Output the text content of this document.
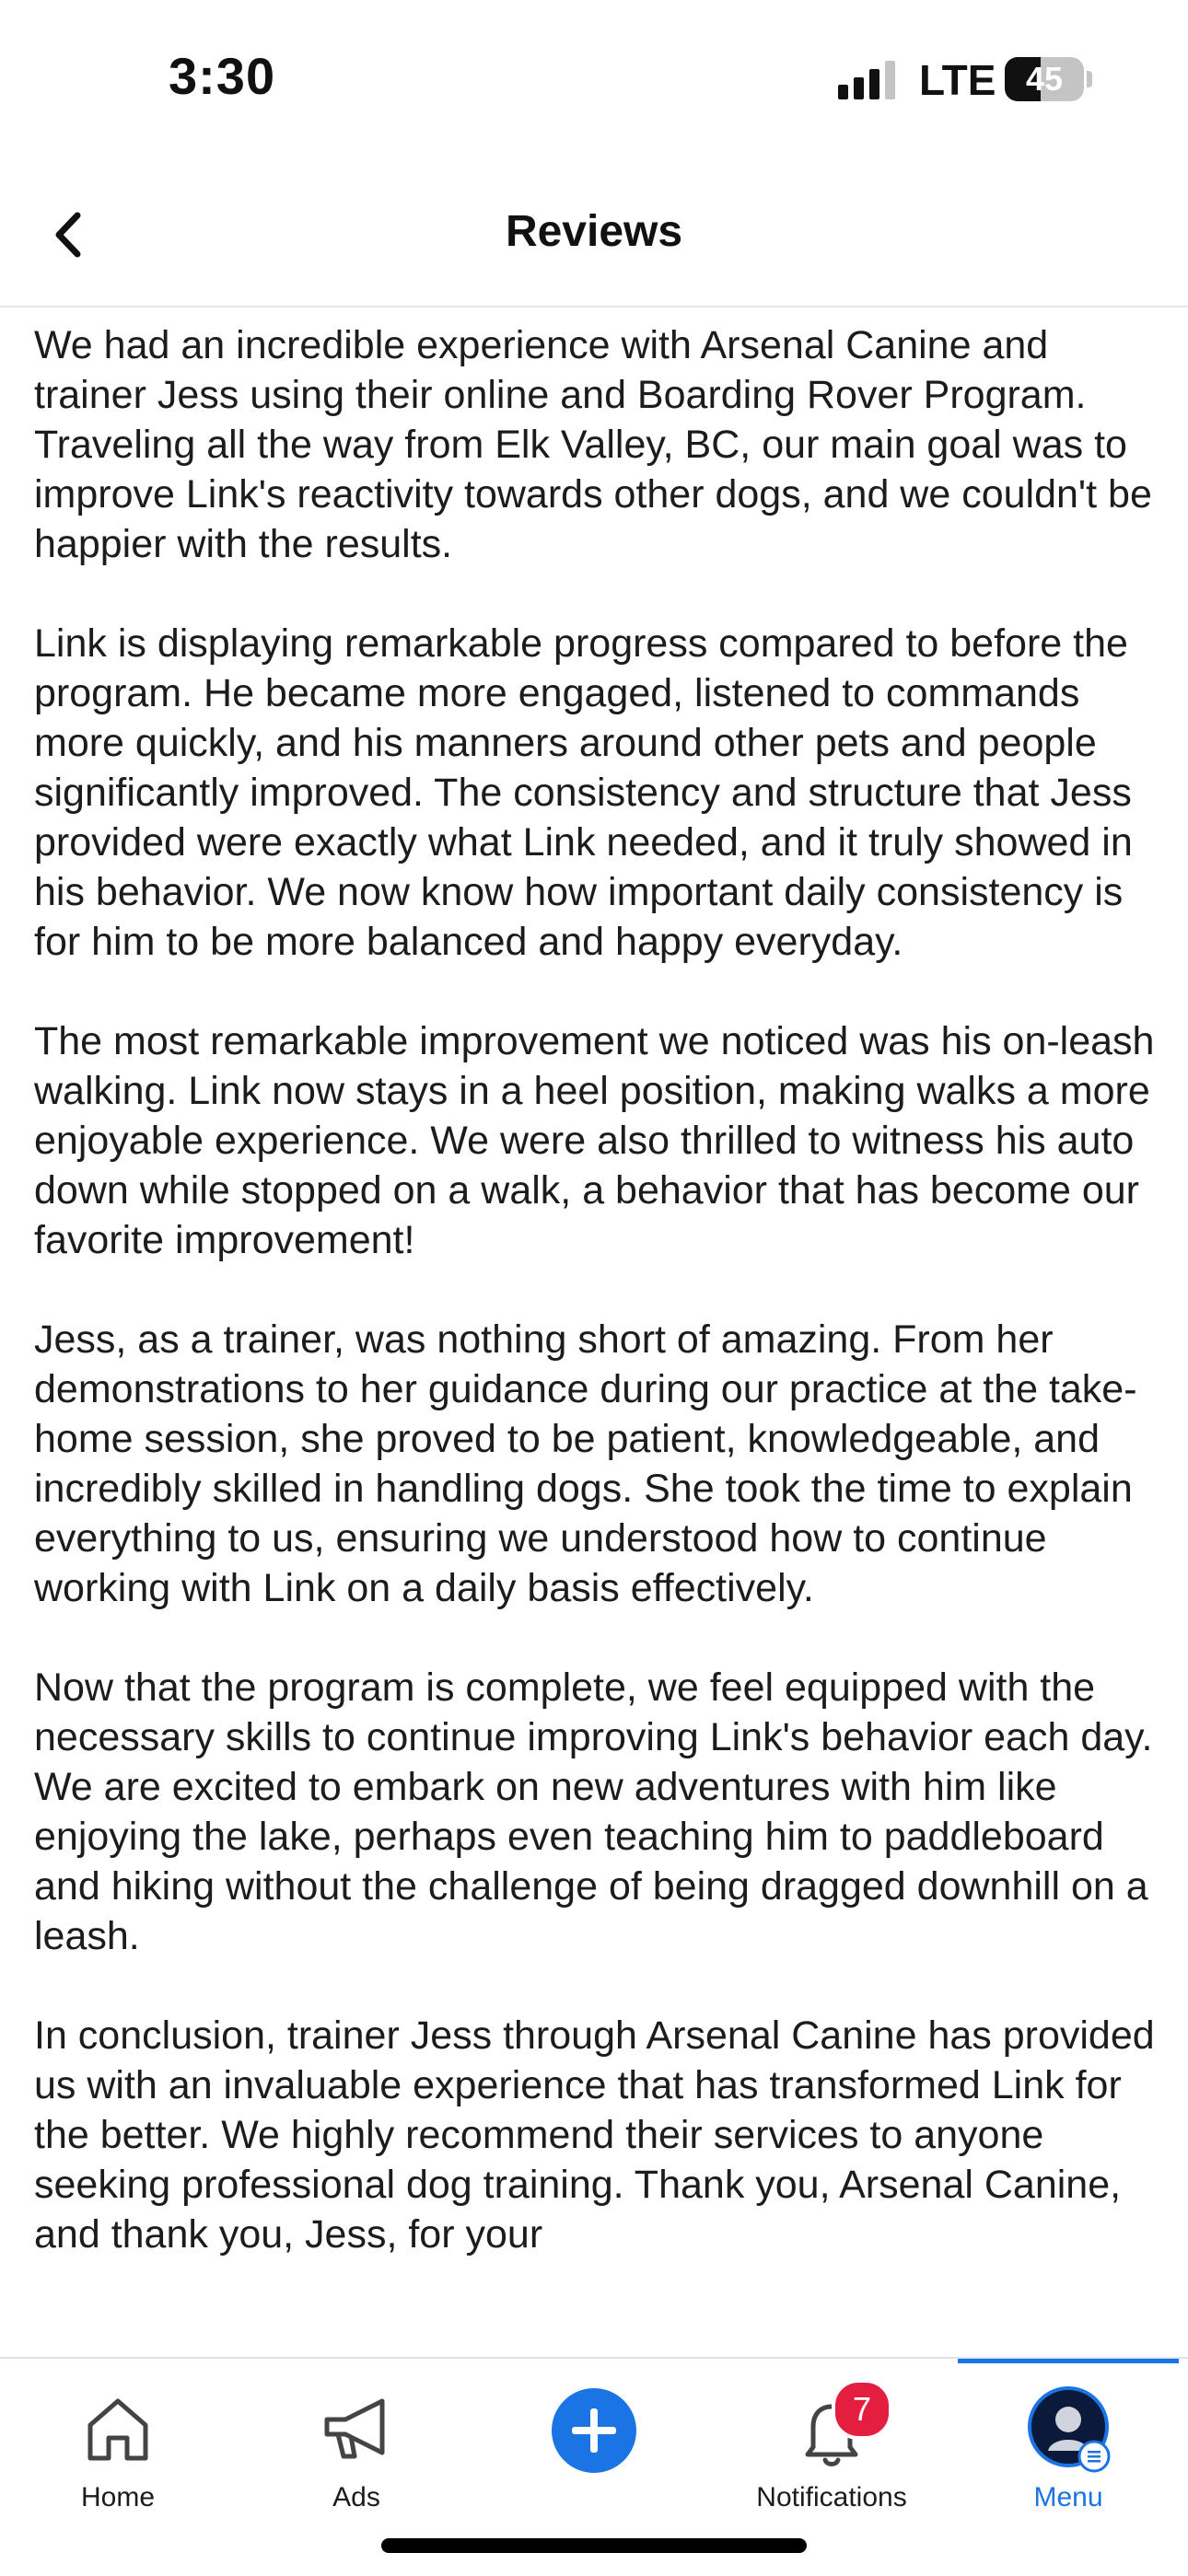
3:30	LTE 45
Reviews

We had an incredible experience with Arsenal Canine and trainer Jess using their online and Boarding Rover Program. Traveling all the way from Elk Valley, BC, our main goal was to improve Link's reactivity towards other dogs, and we couldn't be happier with the results.

Link is displaying remarkable progress compared to before the program. He became more engaged, listened to commands more quickly, and his manners around other pets and people significantly improved. The consistency and structure that Jess provided were exactly what Link needed, and it truly showed in his behavior. We now know how important daily consistency is for him to be more balanced and happy everyday.

The most remarkable improvement we noticed was his on-leash walking. Link now stays in a heel position, making walks a more enjoyable experience. We were also thrilled to witness his auto down while stopped on a walk, a behavior that has become our favorite improvement!

Jess, as a trainer, was nothing short of amazing. From her demonstrations to her guidance during our practice at the take-home session, she proved to be patient, knowledgeable, and incredibly skilled in handling dogs. She took the time to explain everything to us, ensuring we understood how to continue working with Link on a daily basis effectively.

Now that the program is complete, we feel equipped with the necessary skills to continue improving Link's behavior each day. We are excited to embark on new adventures with him like enjoying the lake, perhaps even teaching him to paddleboard and hiking without the challenge of being dragged downhill on a leash.

In conclusion, trainer Jess through Arsenal Canine has provided us with an invaluable experience that has transformed Link for the better. We highly recommend their services to anyone seeking professional dog training. Thank you, Arsenal Canine, and thank you, Jess, for your

Home	Ads
7
Notifications	Menu
